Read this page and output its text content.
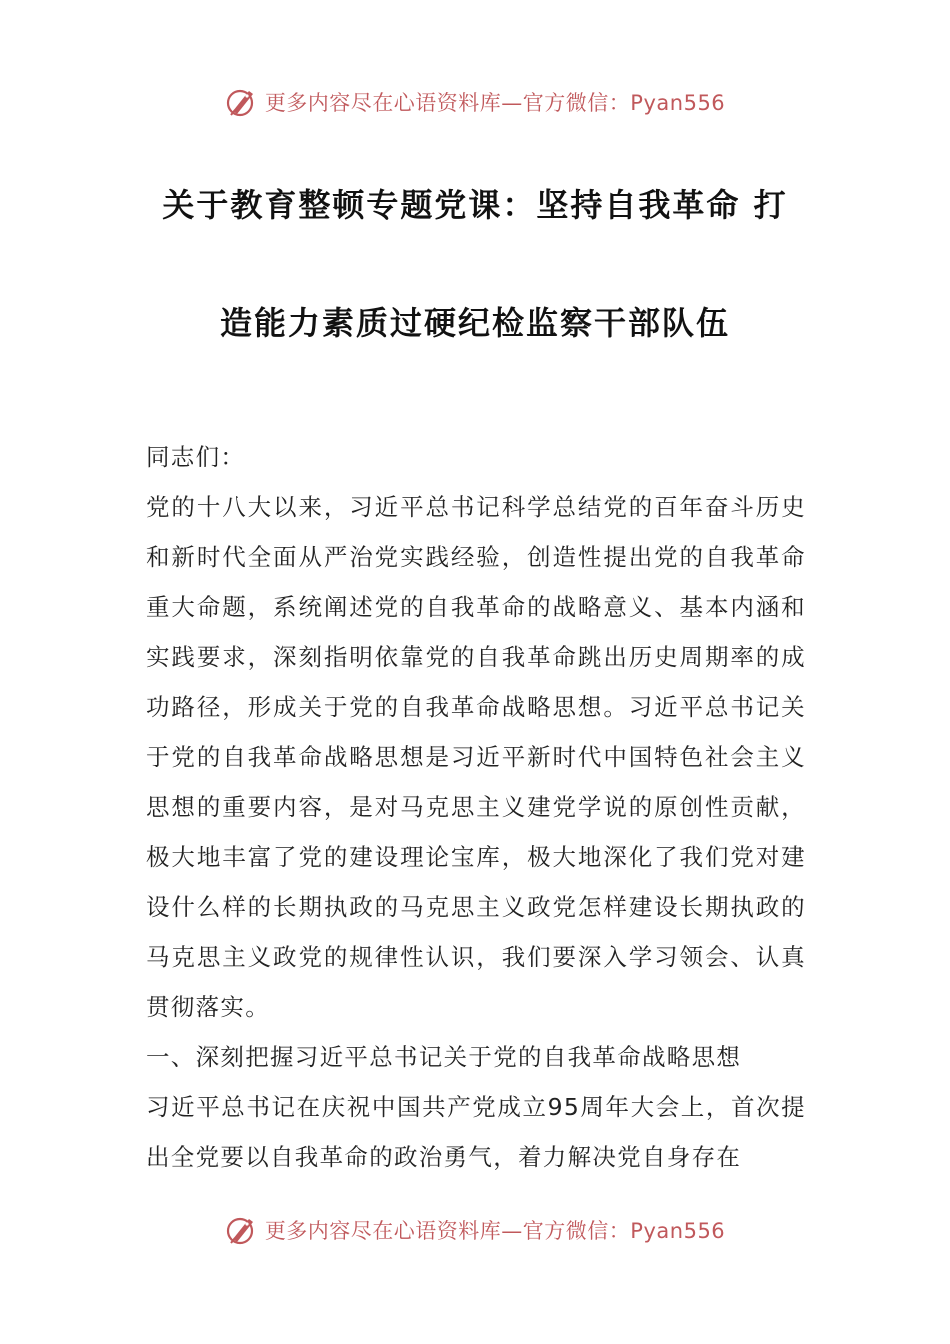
更多内容尽在心语资料库—官方微信：Pyan556
关于教育整顿专题党课：坚持自我革命 打
造能力素质过硬纪检监察干部队伍

同志们：

党的十八大以来，习近平总书记科学总结党的百年奋斗历史和新时代全面从严治党实践经验，创造性提出党的自我革命重大命题，系统阐述党的自我革命的战略意义、基本内涵和实践要求，深刻指明依靠党的自我革命跳出历史周期率的成功路径，形成关于党的自我革命战略思想。习近平总书记关于党的自我革命战略思想是习近平新时代中国特色社会主义思想的重要内容，是对马克思主义建党学说的原创性贡献，极大地丰富了党的建设理论宝库，极大地深化了我们党对建设什么样的长期执政的马克思主义政党怎样建设长期执政的马克思主义政党的规律性认识，我们要深入学习领会、认真贯彻落实。

一、深刻把握习近平总书记关于党的自我革命战略思想

习近平总书记在庆祝中国共产党成立95周年大会上，首次提出全党要以自我革命的政治勇气，着力解决党自身存在

更多内容尽在心语资料库—官方微信：Pyan556
